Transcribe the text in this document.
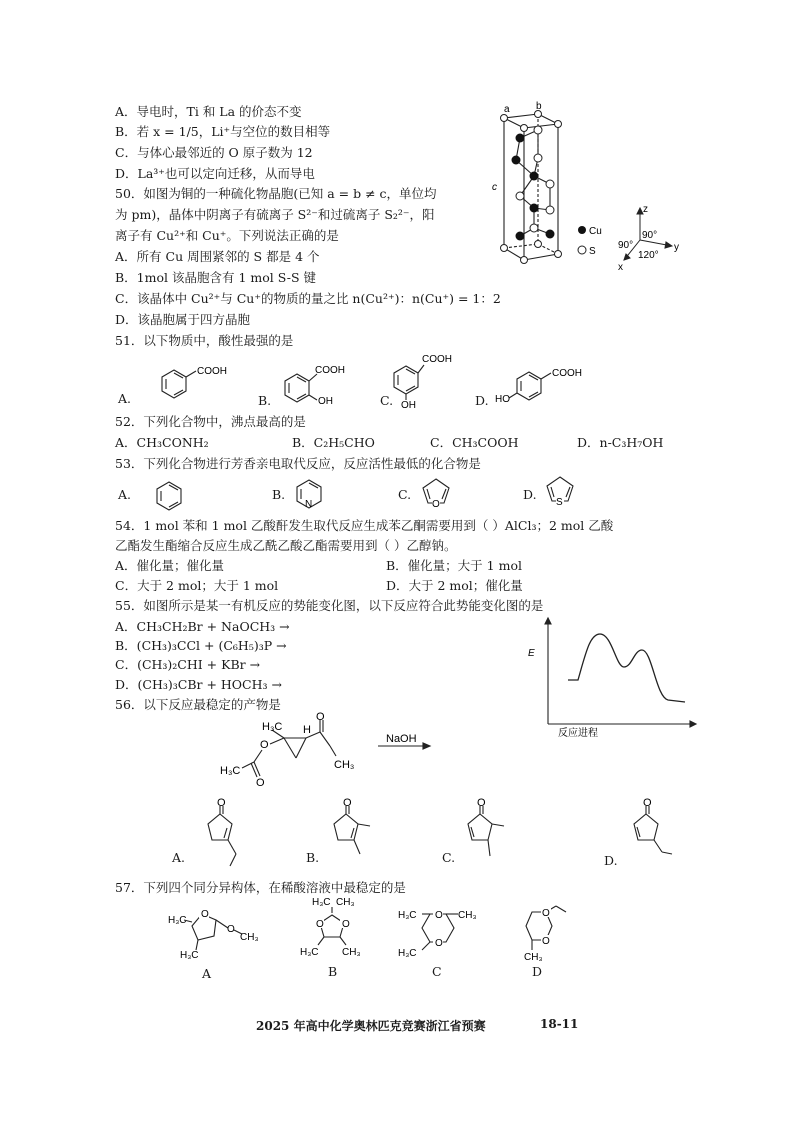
A．导电时，Ti 和 La 的价态不变
B．若 x = 1/5，Li⁺与空位的数目相等
C．与体心最邻近的 O 原子数为 12
D．La³⁺也可以定向迁移，从而导电
50．如图为铜的一种硫化物晶胞(已知 a = b ≠ c，单位均
为 pm)，晶体中阴离子有硫离子 S²⁻和过硫离子 S₂²⁻，阳
离子有 Cu²⁺和 Cu⁺。下列说法正确的是
A．所有 Cu 周围紧邻的 S 都是 4 个
B．1mol 该晶胞含有 1 mol S-S 键
C．该晶体中 Cu²⁺与 Cu⁺的物质的量之比 n(Cu²⁺)：n(Cu⁺) = 1：2
D．该晶胞属于四方晶胞
a	b
c
Cu
S
z
y
x
90°
90°
120°
51．以下物质中，酸性最强的是
A.	B.	C.	D.
COOH	COOH
OH
COOH
OH
COOH
HO
52．下列化合物中，沸点最高的是
A．CH₃CONH₂	B．C₂H₅CHO	C．CH₃COOH	D．n-C₃H₇OH
53．下列化合物进行芳香亲电取代反应，反应活性最低的化合物是
A.	B.	C.	D.
N	O	S
54．1 mol 苯和 1 mol 乙酸酐发生取代反应生成苯乙酮需要用到（ ）AlCl₃；2 mol 乙酸
乙酯发生酯缩合反应生成乙酰乙酸乙酯需要用到（ ）乙醇钠。
A．催化量；催化量	B．催化量；大于 1 mol
C．大于 2 mol；大于 1 mol	D．大于 2 mol；催化量
55．如图所示是某一有机反应的势能变化图，以下反应符合此势能变化图的是
A．CH₃CH₂Br + NaOCH₃ →
B．(CH₃)₃CCl + (C₆H₅)₃P →
C．(CH₃)₂CHI + KBr →
D．(CH₃)₃CBr + HOCH₃ →
E
反应进程
56．以下反应最稳定的产物是
H₃C H
O
O
H₃C
O
CH₃
NaOH
O	O	O	O
A.	B.	C.	D.
57．下列四个同分异构体，在稀酸溶液中最稳定的是
O
H₃C
O
CH₃
H₃C
H₃C CH₃
O O
H₃C CH₃
O
O
H₃C	CH₃
H₃C
O
O
CH₃
A	B	C	D
2025 年高中化学奥林匹克竞赛浙江省预赛	18-11
